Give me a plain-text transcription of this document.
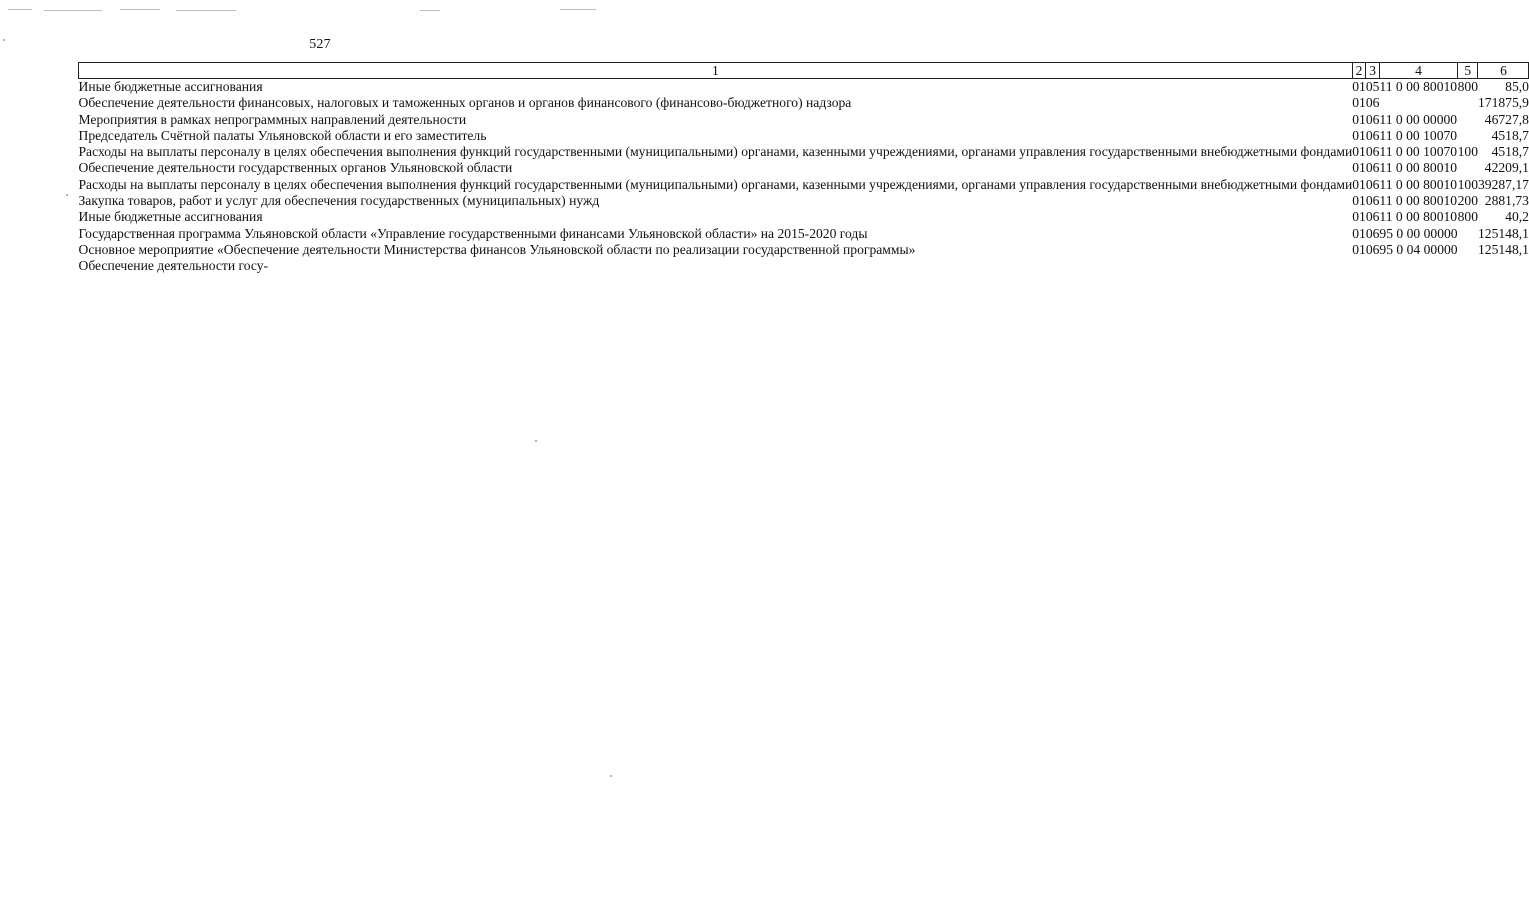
527
1	2	3	4	5	6
Иные бюджетные ассигнования	01	05	11 0 00 80010	800	85,0
Обеспечение деятельности финансовых, налоговых и таможенных органов и органов финансового (финансово-бюджетного) надзора	01	06			171875,9
Мероприятия в рамках непрограммных направлений деятельности	01	06	11 0 00 00000		46727,8
Председатель Счётной палаты Ульяновской области и его заместитель	01	06	11 0 00 10070		4518,7
Расходы на выплаты персоналу в целях обеспечения выполнения функций государственными (муниципальными) органами, казенными учреждениями, органами управления государственными внебюджетными фондами	01	06	11 0 00 10070	100	4518,7
Обеспечение деятельности государственных органов Ульяновской области	01	06	11 0 00 80010		42209,1
Расходы на выплаты персоналу в целях обеспечения выполнения функций государственными (муниципальными) органами, казенными учреждениями, органами управления государственными внебюджетными фондами	01	06	11 0 00 80010	100	39287,17
Закупка товаров, работ и услуг для обеспечения государственных (муниципальных) нужд	01	06	11 0 00 80010	200	2881,73
Иные бюджетные ассигнования	01	06	11 0 00 80010	800	40,2
Государственная программа Ульяновской области «Управление государственными финансами Ульяновской области» на 2015-2020 годы	01	06	95 0 00 00000		125148,1
Основное мероприятие «Обеспечение деятельности Министерства финансов Ульяновской области по реализации государственной программы»	01	06	95 0 04 00000		125148,1
Обеспечение деятельности госу-					
